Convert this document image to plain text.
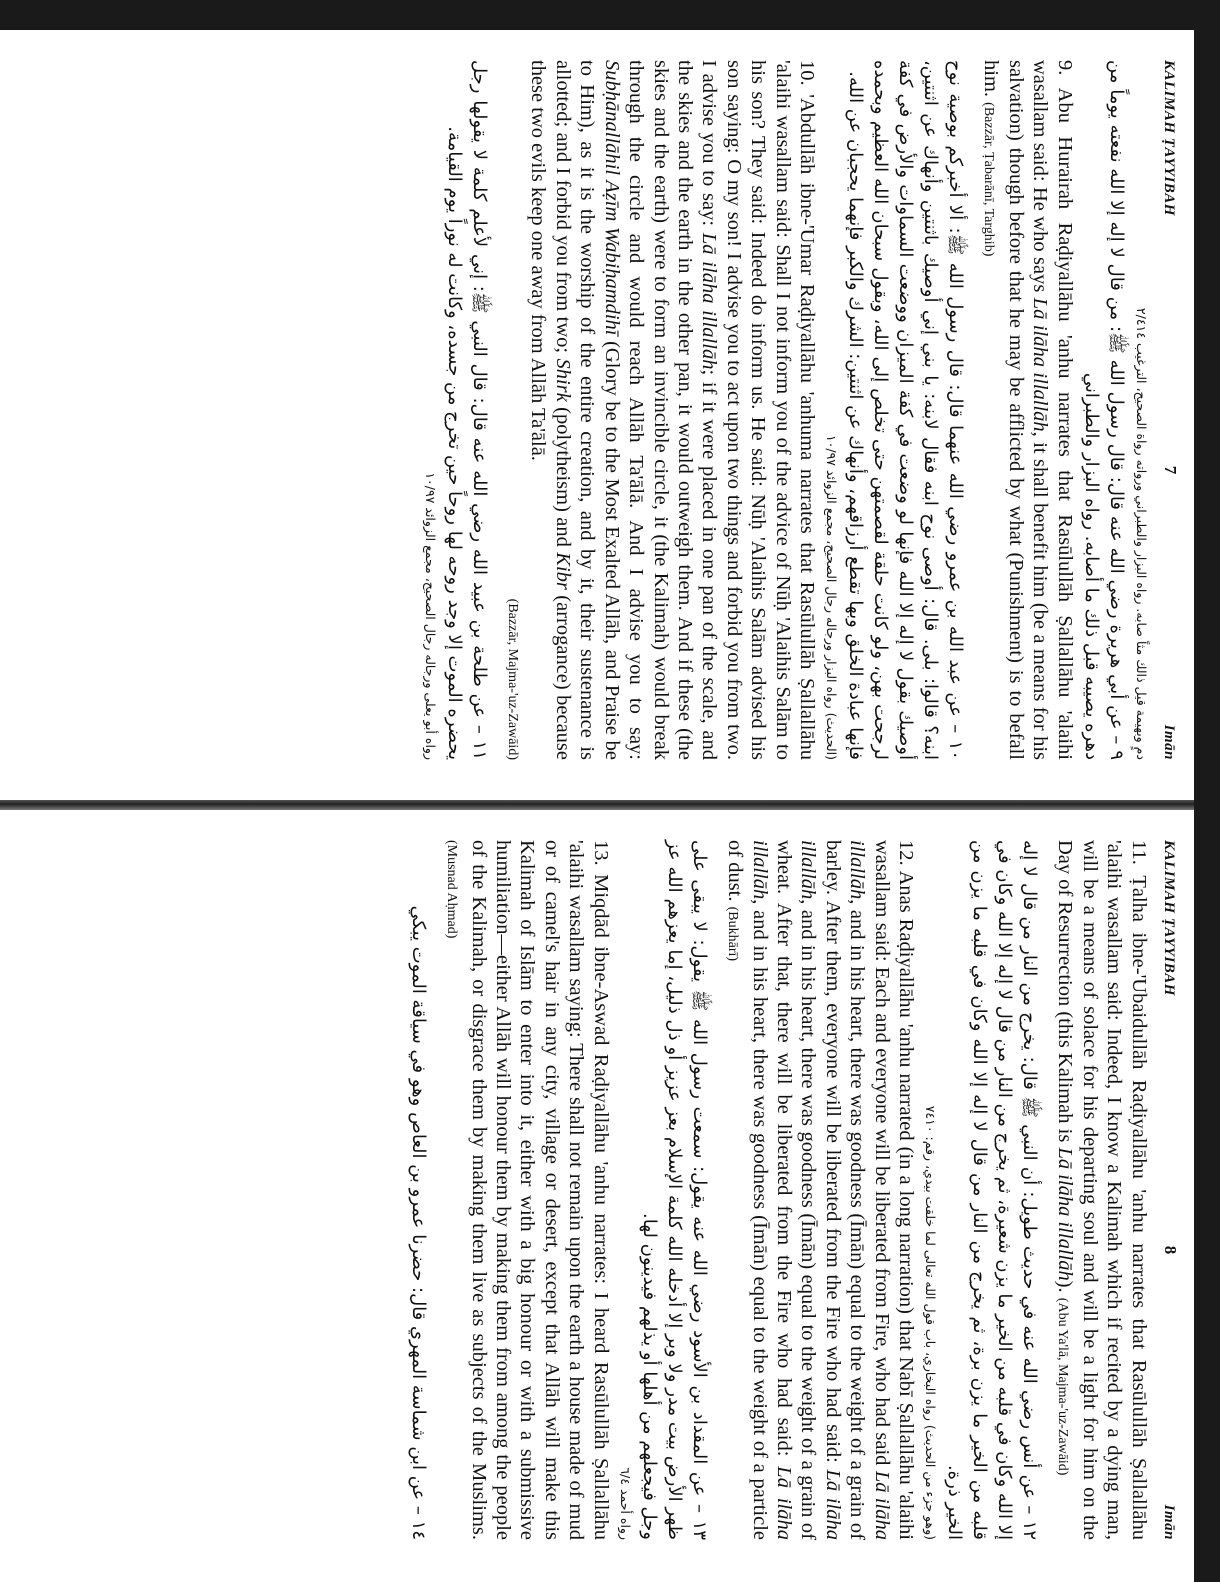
KALIMAH ṬAYYIBAH
7
Imān
دمٍ وبهيمة قيل ذالك مثاً صابه. رواه البزار والطبراني ورواته رواة الصحيح، الترغيب ٢/٤١٤
٩ – عن أبي هريرة رضي الله عنه قال: قال رسول الله ﷺ: من قال لا إله إلا الله نفعته يوماً من دهره يصيبه قبل ذلك ما أصابه. رواه البزار والطبراني

9. Abu Hurairah Raḍiyallāhu 'anhu narrates that Rasūlullāh Ṣallallāhu 'alaihi wasallam said: He who says Lā ilāha illallāh, it shall benefit him (be a means for his salvation) though before that he may be afflicted by what (Punishment) is to befall him. (Bazzār, Ṭabarānī, Targhib)

١٠ – عن عبد الله بن عمرو رضي الله عنهما قال: قال رسول الله ﷺ: ألا أخبركم بوصية نوح ابنه؟ قالوا: بلى. قال: أوصى نوح ابنه فقال لابنه: يا بني إني أوصيك باثنتين وأنهاك عن اثنتين، أوصيك بقول لا إله إلا الله فإنها لو وضعت في كفة الميزان ووضعت السماوات والأرض في كفة لرجحت بهن، ولو كانت حلقة لقصمتهن حتى تخلص إلى الله، وبقول سبحان الله العظيم وبحمده فإنها عبادة الخلق وبها تقطع أرزاقهم، وأنهاك عن اثنتين: الشرك والكبر فإنهما يحجبان عن الله.
(الحديث) رواه البزار ورجاله رجال الصحيح، مجمع الزوائد ١٠/٩٧

10. 'Abdullāh ibne-'Umar Raḍiyallāhu 'anhuma narrates that Rasūlullāh Ṣallallāhu 'alaihi wasallam said: Shall I not inform you of the advice of Nūḥ 'Alaihis Salām to his son? They said: Indeed do inform us. He said: Nūḥ 'Alaihis Salām advised his son saying: O my son! I advise you to act upon two things and forbid you from two. I advise you to say: Lā ilāha illallāh; if it were placed in one pan of the scale, and the skies and the earth in the other pan, it would outweigh them. And if these (the skies and the earth) were to form an invincible circle, it (the Kalimah) would break through the circle and would reach Allāh Ta'ālā. And I advise you to say: Subḥānallāhil Aẓīm Wabiḥamdihī (Glory be to the Most Exalted Allāh, and Praise be to Him), as it is the worship of the entire creation, and by it, their sustenance is allotted; and I forbid you from two; Shirk (polytheism) and Kibr (arrogance) because these two evils keep one away from Allāh Ta'ālā.

(Bazzār, Majma-'uz-Zawāid)
١١ – عن طلحة بن عبيد الله رضي الله عنه قال: قال النبي ﷺ: إني لأعلم كلمة لا يقولها رجل يحضره الموت إلا وجد روحه لها روحاً حين تخرج من جسده، وكانت له نوراً يوم القيامة.
رواه أبو يعلى ورجاله رجال الصحيح، مجمع الزوائد ١٠/٩٧
KALIMAH ṬAYYIBAH
8
Imān

11. Ṭalha ibne-'Ubaidullāh Raḍiyallāhu 'anhu narrates that Rasūlullāh Ṣallallāhu 'alaihi wasallam said: Indeed, I know a Kalimah which if recited by a dying man, will be a means of solace for his departing soul and will be a light for him on the Day of Resurrection (this Kalimah is Lā ilāha illallāh). (Abu Ya'lā, Majma-'uz-Zawāid)

١٢ – عن أنس رضي الله عنه في حديث طويل: أن النبي ﷺ قال: يخرج من النار من قال لا إله إلا الله وكان في قلبه من الخير ما يزن شعيرة، ثم يخرج من النار من قال لا إله إلا الله وكان في قلبه من الخير ما يزن برة، ثم يخرج من النار من قال لا إله إلا الله وكان في قلبه ما يزن من الخير ذرة.
(وهو جزء من الحديث) رواه البخاري، باب قول الله تعالى لما خلقت بيدي، رقم: ٧٤١٠

12. Anas Raḍiyallāhu 'anhu narrated (in a long narration) that Nabī Ṣallallāhu 'alaihi wasallam said: Each and everyone will be liberated from Fire, who had said Lā ilāha illallāh, and in his heart, there was goodness (Īmān) equal to the weight of a grain of barley. After them, everyone will be liberated from the Fire who had said: Lā ilāha illallāh, and in his heart, there was goodness (Īmān) equal to the weight of a grain of wheat. After that, there will be liberated from the Fire who had said: Lā ilāha illallāh, and in his heart, there was goodness (Īmān) equal to the weight of a particle of dust. (Bukhārī)

١٣ – عن المقداد بن الأسود رضي الله عنه يقول: سمعت رسول الله ﷺ يقول: لا يبقى على ظهر الأرض بيت مدر ولا وبر إلا أدخله الله كلمة الإسلام بعز عزيز أو ذل ذليل، إما يعزهم الله عز وجل فيجعلهم من أهلها أو يذلهم فيدينون لها.
رواه أحمد ٦/٤

13. Miqdād ibne-Aswad Raḍiyallāhu 'anhu narrates: I heard Rasūlullāh Ṣallallāhu 'alaihi wasallam saying: There shall not remain upon the earth a house made of mud or of camel's hair in any city, village or desert, except that Allāh will make this Kalimah of Islām to enter into it, either with a big honour or with a submissive humiliation—either Allāh will honour them by making them from among the people of the Kalimah, or disgrace them by making them live as subjects of the Muslims. (Musnad Aḥmad)

١٤ – عن ابن شماسة المهري قال: حضرنا عمرو بن العاص وهو في سياقة الموت يبكي
